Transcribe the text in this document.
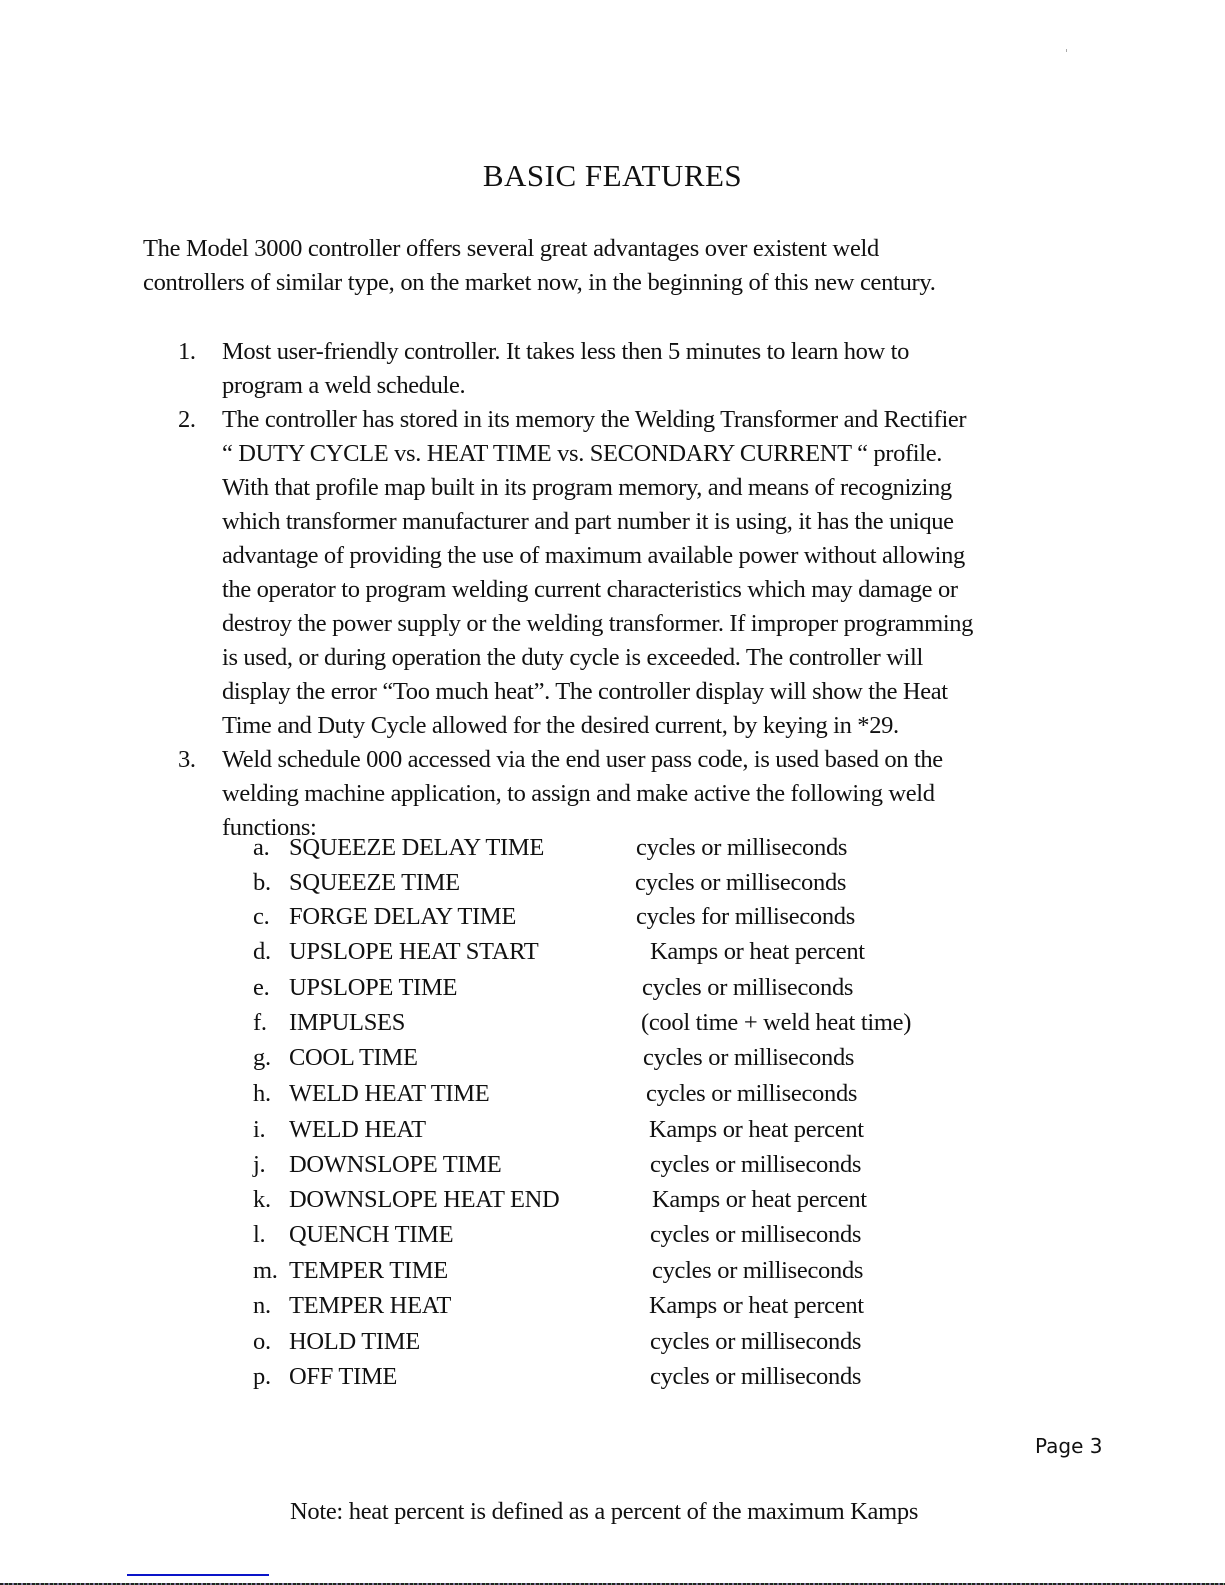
BASIC FEATURES
The Model 3000 controller offers several great advantages over existent weld
controllers of similar type, on the market now, in the beginning of this new century.
1. Most user-friendly controller. It takes less then 5 minutes to learn how to
program a weld schedule.
2. The controller has stored in its memory the Welding Transformer and Rectifier
“ DUTY CYCLE vs. HEAT TIME vs. SECONDARY CURRENT “ profile.
With that profile map built in its program memory, and means of recognizing
which transformer manufacturer and part number it is using, it has the unique
advantage of providing the use of maximum available power without allowing
the operator to program welding current characteristics which may damage or
destroy the power supply or the welding transformer. If improper programming
is used, or during operation the duty cycle is exceeded. The controller will
display the error “Too much heat”. The controller display will show the Heat
Time and Duty Cycle allowed for the desired current, by keying in *29.
3. Weld schedule 000 accessed via the end user pass code, is used based on the
welding machine application, to assign and make active the following weld
functions:
a. SQUEEZE DELAY TIME	cycles or milliseconds
b. SQUEEZE TIME	cycles or milliseconds
c. FORGE DELAY TIME	cycles for milliseconds
d. UPSLOPE HEAT START	Kamps or heat percent
e. UPSLOPE TIME	cycles or milliseconds
f. IMPULSES	(cool time + weld heat time)
g. COOL TIME	cycles or milliseconds
h. WELD HEAT TIME	cycles or milliseconds
i. WELD HEAT	Kamps or heat percent
j. DOWNSLOPE TIME	cycles or milliseconds
k. DOWNSLOPE HEAT END	Kamps or heat percent
l. QUENCH TIME	cycles or milliseconds
m. TEMPER TIME	cycles or milliseconds
n. TEMPER HEAT	Kamps or heat percent
o. HOLD TIME	cycles or milliseconds
p. OFF TIME	cycles or milliseconds
Page 3
Note: heat percent is defined as a percent of the maximum Kamps
